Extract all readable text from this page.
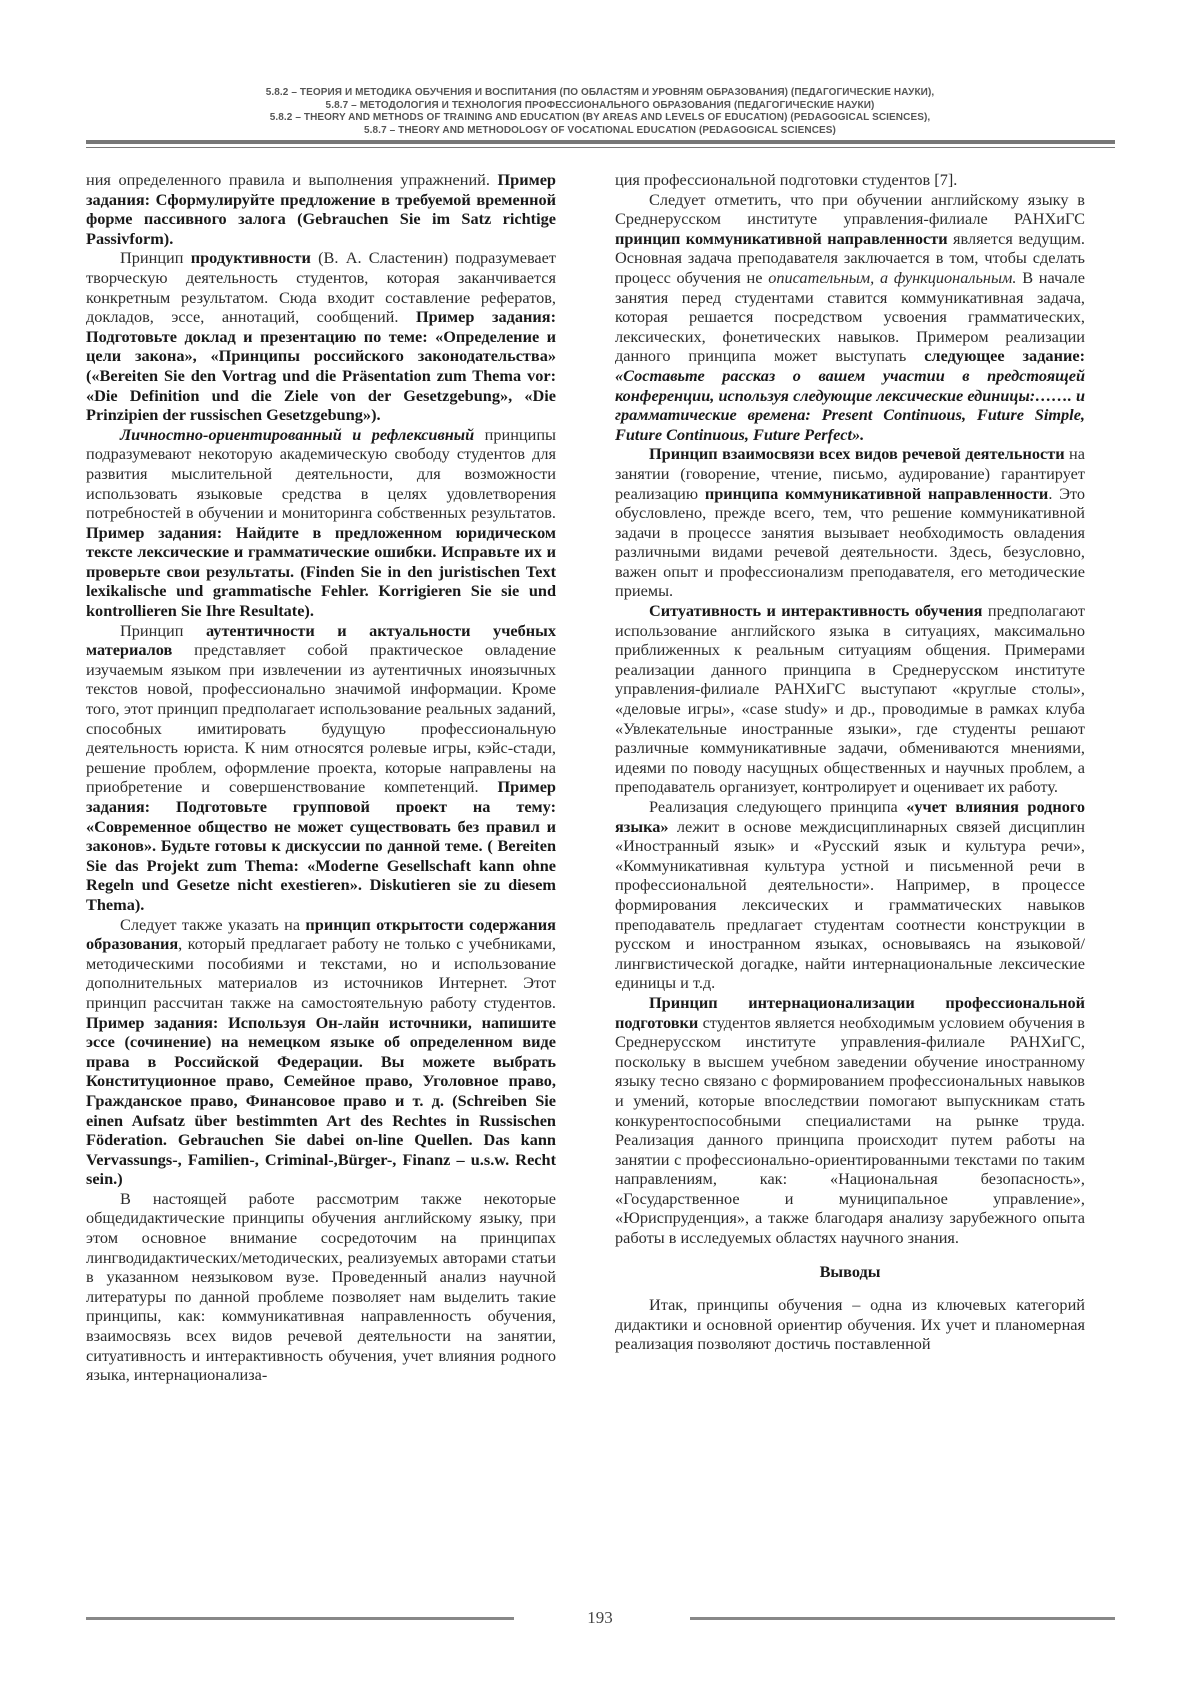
5.8.2 – ТЕОРИЯ И МЕТОДИКА ОБУЧЕНИЯ И ВОСПИТАНИЯ (ПО ОБЛАСТЯМ И УРОВНЯМ ОБРАЗОВАНИЯ) (ПЕДАГОГИЧЕСКИЕ НАУКИ),
5.8.7 – МЕТОДОЛОГИЯ И ТЕХНОЛОГИЯ ПРОФЕССИОНАЛЬНОГО ОБРАЗОВАНИЯ (ПЕДАГОГИЧЕСКИЕ НАУКИ)
5.8.2 – THEORY AND METHODS OF TRAINING AND EDUCATION (BY AREAS AND LEVELS OF EDUCATION) (PEDAGOGICAL SCIENCES),
5.8.7 – THEORY AND METHODOLOGY OF VOCATIONAL EDUCATION (PEDAGOGICAL SCIENCES)

ния определенного правила и выполнения упражнений. Пример задания: Сформулируйте предложение в требуемой временной форме пассивного залога (Gebrauchen Sie im Satz richtige Passivform).

Принцип продуктивности (В. А. Сластенин) подразумевает творческую деятельность студентов, которая заканчивается конкретным результатом. Сюда входит составление рефератов, докладов, эссе, аннотаций, сообщений. Пример задания: Подготовьте доклад и презентацию по теме: «Определение и цели закона», «Принципы российского законодательства» («Bereiten Sie den Vortrag und die Präsentation zum Thema vor: «Die Definition und die Ziele von der Gesetzgebung», «Die Prinzipien der russischen Gesetzgebung»).

Личностно-ориентированный и рефлексивный принципы подразумевают некоторую академическую свободу студентов для развития мыслительной деятельности, для возможности использовать языковые средства в целях удовлетворения потребностей в обучении и мониторинга собственных результатов. Пример задания: Найдите в предложенном юридическом тексте лексические и грамматические ошибки. Исправьте их и проверьте свои результаты. (Finden Sie in den juristischen Text lexikalische und grammatische Fehler. Korrigieren Sie sie und kontrollieren Sie Ihre Resultate).

Принцип аутентичности и актуальности учебных материалов представляет собой практическое овладение изучаемым языком при извлечении из аутентичных иноязычных текстов новой, профессионально значимой информации. Кроме того, этот принцип предполагает использование реальных заданий, способных имитировать будущую профессиональную деятельность юриста. К ним относятся ролевые игры, кэйс-стади, решение проблем, оформление проекта, которые направлены на приобретение и совершенствование компетенций. Пример задания: Подготовьте групповой проект на тему: «Современное общество не может существовать без правил и законов». Будьте готовы к дискуссии по данной теме. ( Bereiten Sie das Projekt zum Thema: «Moderne Gesellschaft kann ohne Regeln und Gesetze nicht exestieren». Diskutieren sie zu diesem Thema).

Следует также указать на принцип открытости содержания образования, который предлагает работу не только с учебниками, методическими пособиями и текстами, но и использование дополнительных материалов из источников Интернет. Этот принцип рассчитан также на самостоятельную работу студентов. Пример задания: Используя Он-лайн источники, напишите эссе (сочинение) на немецком языке об определенном виде права в Российской Федерации. Вы можете выбрать Конституционное право, Семейное право, Уголовное право, Гражданское право, Финансовое право и т. д. (Schreiben Sie einen Aufsatz über bestimmten Art des Rechtes in Russischen Föderation. Gebrauchen Sie dabei on-line Quellen. Das kann Vervassungs-, Familien-, Criminal-,Bürger-, Finanz – u.s.w. Recht sein.)

В настоящей работе рассмотрим также некоторые общедидактические принципы обучения английскому языку, при этом основное внимание сосредоточим на принципах лингводидактических/методических, реализуемых авторами статьи в указанном неязыковом вузе. Проведенный анализ научной литературы по данной проблеме позволяет нам выделить такие принципы, как: коммуникативная направленность обучения, взаимосвязь всех видов речевой деятельности на занятии, ситуативность и интерактивность обучения, учет влияния родного языка, интернационализа-

ция профессиональной подготовки студентов [7].

Следует отметить, что при обучении английскому языку в Среднерусском институте управления-филиале РАНХиГС принцип коммуникативной направленности является ведущим. Основная задача преподавателя заключается в том, чтобы сделать процесс обучения не описательным, а функциональным. В начале занятия перед студентами ставится коммуникативная задача, которая решается посредством усвоения грамматических, лексических, фонетических навыков. Примером реализации данного принципа может выступать следующее задание: «Составьте рассказ о вашем участии в предстоящей конференции, используя следующие лексические единицы:……. и грамматические времена: Present Continuous, Future Simple, Future Continuous, Future Perfect».

Принцип взаимосвязи всех видов речевой деятельности на занятии (говорение, чтение, письмо, аудирование) гарантирует реализацию принципа коммуникативной направленности. Это обусловлено, прежде всего, тем, что решение коммуникативной задачи в процессе занятия вызывает необходимость овладения различными видами речевой деятельности. Здесь, безусловно, важен опыт и профессионализм преподавателя, его методические приемы.

Ситуативность и интерактивность обучения предполагают использование английского языка в ситуациях, максимально приближенных к реальным ситуациям общения. Примерами реализации данного принципа в Среднерусском институте управления-филиале РАНХиГС выступают «круглые столы», «деловые игры», «case study» и др., проводимые в рамках клуба «Увлекательные иностранные языки», где студенты решают различные коммуникативные задачи, обмениваются мнениями, идеями по поводу насущных общественных и научных проблем, а преподаватель организует, контролирует и оценивает их работу.

Реализация следующего принципа «учет влияния родного языка» лежит в основе междисциплинарных связей дисциплин «Иностранный язык» и «Русский язык и культура речи», «Коммуникативная культура устной и письменной речи в профессиональной деятельности». Например, в процессе формирования лексических и грамматических навыков преподаватель предлагает студентам соотнести конструкции в русском и иностранном языках, основываясь на языковой/лингвистической догадке, найти интернациональные лексические единицы и т.д.

Принцип интернационализации профессиональной подготовки студентов является необходимым условием обучения в Среднерусском институте управления-филиале РАНХиГС, поскольку в высшем учебном заведении обучение иностранному языку тесно связано с формированием профессиональных навыков и умений, которые впоследствии помогают выпускникам стать конкурентоспособными специалистами на рынке труда. Реализация данного принципа происходит путем работы на занятии с профессионально-ориентированными текстами по таким направлениям, как: «Национальная безопасность», «Государственное и муниципальное управление», «Юриспруденция», а также благодаря анализу зарубежного опыта работы в исследуемых областях научного знания.

Выводы

Итак, принципы обучения – одна из ключевых категорий дидактики и основной ориентир обучения. Их учет и планомерная реализация позволяют достичь поставленной

193
